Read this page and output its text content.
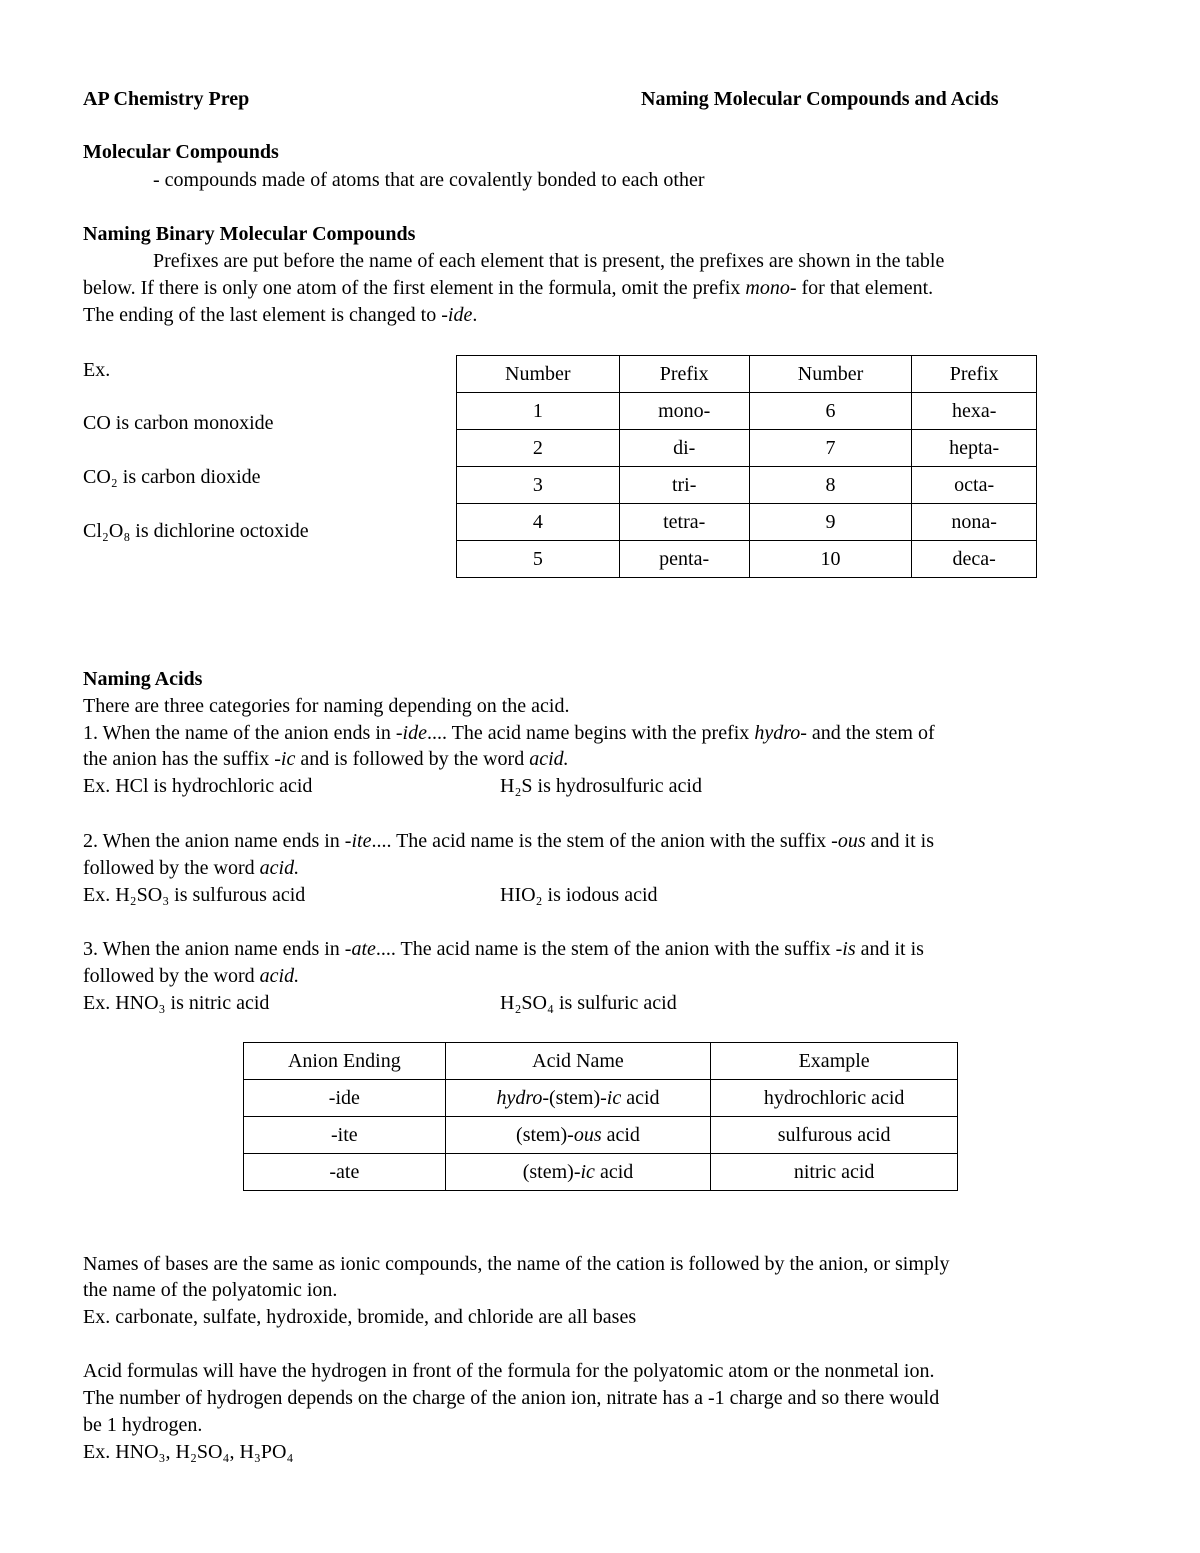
AP Chemistry Prep	Naming Molecular Compounds and Acids
Molecular Compounds
- compounds made of atoms that are covalently bonded to each other
Naming Binary Molecular Compounds
Prefixes are put before the name of each element that is present, the prefixes are shown in the table
below. If there is only one atom of the first element in the formula, omit the prefix mono- for that element.
The ending of the last element is changed to -ide.
Ex.
CO is carbon monoxide
CO₂ is carbon dioxide
Cl₂O₈ is dichlorine octoxide
Number	Prefix	Number	Prefix
1	mono-	6	hexa-
2	di-	7	hepta-
3	tri-	8	octa-
4	tetra-	9	nona-
5	penta-	10	deca-
Naming Acids
There are three categories for naming depending on the acid.
1. When the name of the anion ends in -ide.... The acid name begins with the prefix hydro- and the stem of
the anion has the suffix -ic and is followed by the word acid.
Ex. HCl is hydrochloric acid	H₂S is hydrosulfuric acid
2. When the anion name ends in -ite.... The acid name is the stem of the anion with the suffix -ous and it is
followed by the word acid.
Ex. H₂SO₃ is sulfurous acid	HIO₂ is iodous acid
3. When the anion name ends in -ate.... The acid name is the stem of the anion with the suffix -is and it is
followed by the word acid.
Ex. HNO₃ is nitric acid	H₂SO₄ is sulfuric acid
Anion Ending	Acid Name	Example
-ide	hydro-(stem)-ic acid	hydrochloric acid
-ite	(stem)-ous acid	sulfurous acid
-ate	(stem)-ic acid	nitric acid
Names of bases are the same as ionic compounds, the name of the cation is followed by the anion, or simply
the name of the polyatomic ion.
Ex. carbonate, sulfate, hydroxide, bromide, and chloride are all bases
Acid formulas will have the hydrogen in front of the formula for the polyatomic atom or the nonmetal ion.
The number of hydrogen depends on the charge of the anion ion, nitrate has a -1 charge and so there would
be 1 hydrogen.
Ex. HNO₃, H₂SO₄, H₃PO₄
